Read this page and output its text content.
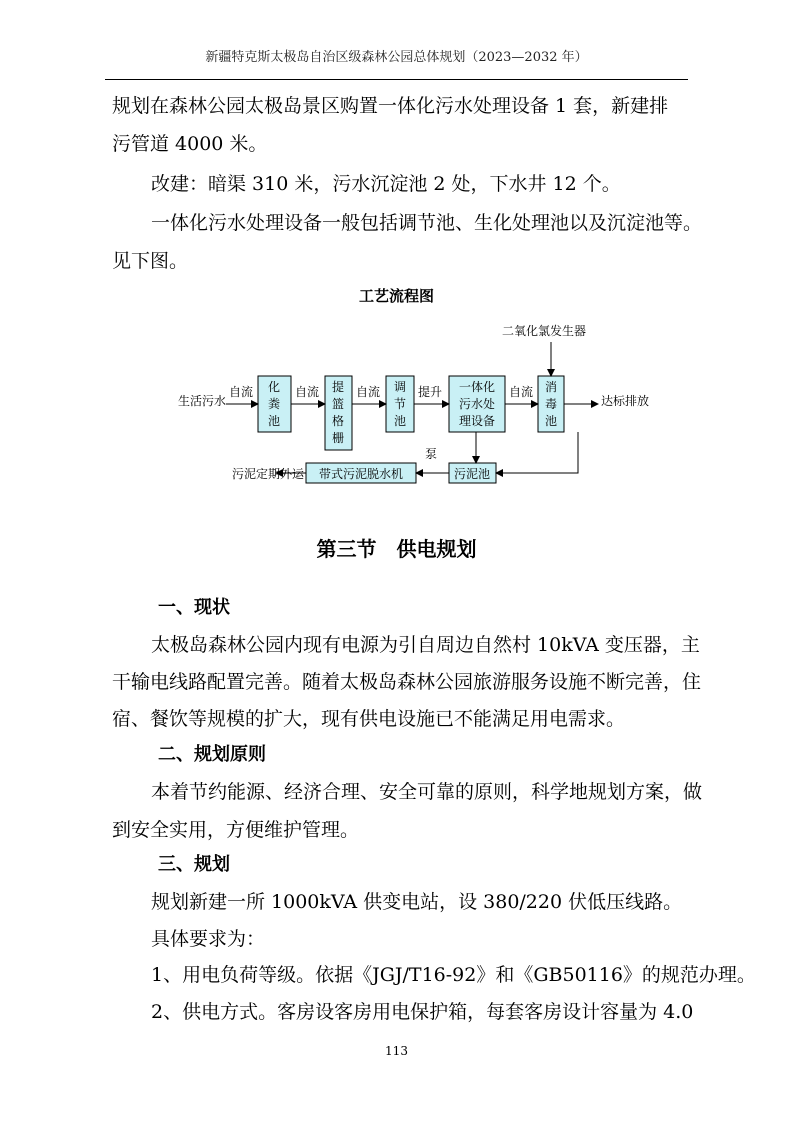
新疆特克斯太极岛自治区级森林公园总体规划（2023—2032 年）

规划在森林公园太极岛景区购置一体化污水处理设备 1 套，新建排

污管道 4000 米。

改建：暗渠 310 米，污水沉淀池 2 处，下水井 12 个。

一体化污水处理设备一般包括调节池、生化处理池以及沉淀池等。

见下图。

工艺流程图

生活污水
化
粪
池
提
篮
格
栅
调
节
池
一体化
污水处
理设备
消
毒
池
达标排放
二氧化氯发生器
污泥池
带式污泥脱水机
污泥定期外运
自流	自流	自流	提升	自流
泵

第三节　供电规划

一、现状

太极岛森林公园内现有电源为引自周边自然村 10kVA 变压器，主

干输电线路配置完善。随着太极岛森林公园旅游服务设施不断完善，住

宿、餐饮等规模的扩大，现有供电设施已不能满足用电需求。

二、规划原则

本着节约能源、经济合理、安全可靠的原则，科学地规划方案，做

到安全实用，方便维护管理。

三、规划

规划新建一所 1000kVA 供变电站，设 380/220 伏低压线路。

具体要求为：

1、用电负荷等级。依据《JGJ/T16-92》和《GB50116》的规范办理。

2、供电方式。客房设客房用电保护箱，每套客房设计容量为 4.0

113
